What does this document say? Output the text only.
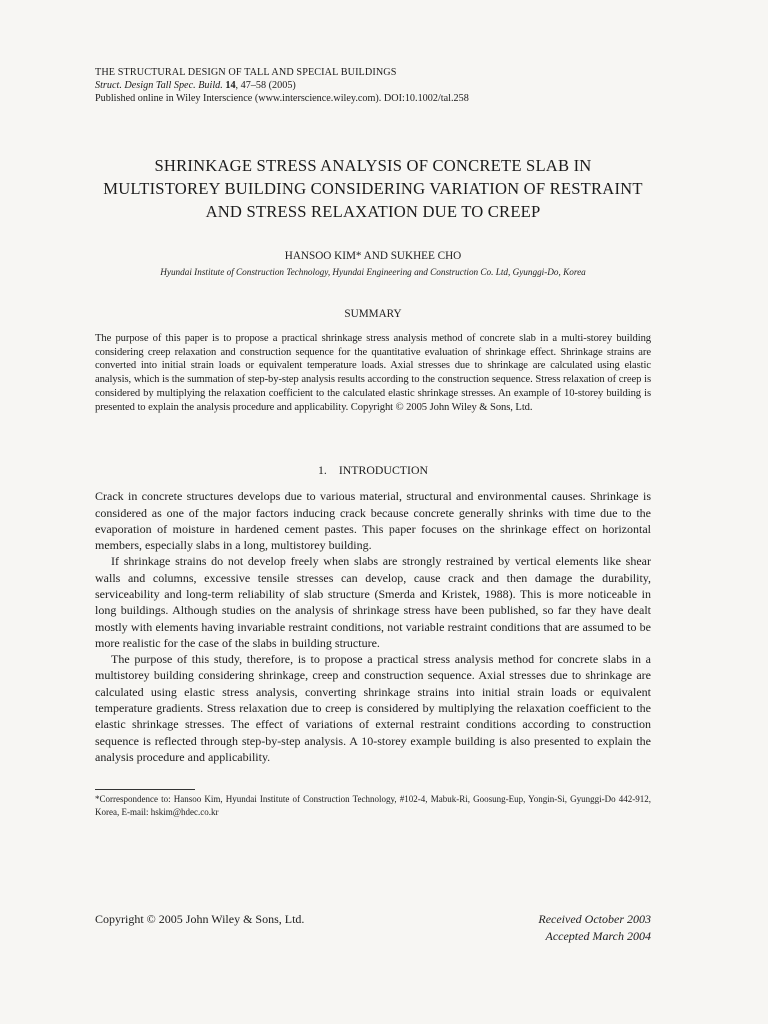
THE STRUCTURAL DESIGN OF TALL AND SPECIAL BUILDINGS
Struct. Design Tall Spec. Build. 14, 47–58 (2005)
Published online in Wiley Interscience (www.interscience.wiley.com). DOI:10.1002/tal.258
SHRINKAGE STRESS ANALYSIS OF CONCRETE SLAB IN MULTISTOREY BUILDING CONSIDERING VARIATION OF RESTRAINT AND STRESS RELAXATION DUE TO CREEP
HANSOO KIM* AND SUKHEE CHO
Hyundai Institute of Construction Technology, Hyundai Engineering and Construction Co. Ltd, Gyunggi-Do, Korea
SUMMARY
The purpose of this paper is to propose a practical shrinkage stress analysis method of concrete slab in a multi-storey building considering creep relaxation and construction sequence for the quantitative evaluation of shrinkage effect. Shrinkage strains are converted into initial strain loads or equivalent temperature loads. Axial stresses due to shrinkage are calculated using elastic analysis, which is the summation of step-by-step analysis results according to the construction sequence. Stress relaxation of creep is considered by multiplying the relaxation coefficient to the calculated elastic shrinkage stresses. An example of 10-storey building is presented to explain the analysis procedure and applicability. Copyright © 2005 John Wiley & Sons, Ltd.
1. INTRODUCTION

Crack in concrete structures develops due to various material, structural and environmental causes. Shrinkage is considered as one of the major factors inducing crack because concrete generally shrinks with time due to the evaporation of moisture in hardened cement pastes. This paper focuses on the shrinkage effect on horizontal members, especially slabs in a long, multistorey building.

If shrinkage strains do not develop freely when slabs are strongly restrained by vertical elements like shear walls and columns, excessive tensile stresses can develop, cause crack and then damage the durability, serviceability and long-term reliability of slab structure (Smerda and Kristek, 1988). This is more noticeable in long buildings. Although studies on the analysis of shrinkage stress have been published, so far they have dealt mostly with elements having invariable restraint conditions, not variable restraint conditions that are assumed to be more realistic for the case of the slabs in building structure.

The purpose of this study, therefore, is to propose a practical stress analysis method for concrete slabs in a multistorey building considering shrinkage, creep and construction sequence. Axial stresses due to shrinkage are calculated using elastic stress analysis, converting shrinkage strains into initial strain loads or equivalent temperature gradients. Stress relaxation due to creep is considered by multiplying the relaxation coefficient to the elastic shrinkage stresses. The effect of variations of external restraint conditions according to construction sequence is reflected through step-by-step analysis. A 10-storey example building is also presented to explain the analysis procedure and applicability.

*Correspondence to: Hansoo Kim, Hyundai Institute of Construction Technology, #102-4, Mabuk-Ri, Goosung-Eup, Yongin-Si, Gyunggi-Do 442-912, Korea, E-mail: hskim@hdec.co.kr
Copyright © 2005 John Wiley & Sons, Ltd.	Received October 2003
Accepted March 2004
